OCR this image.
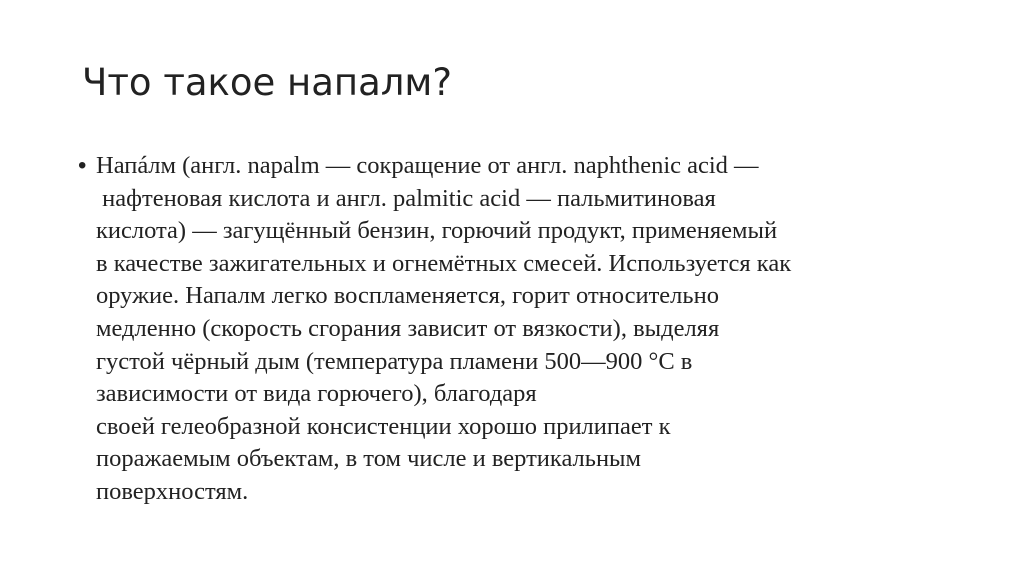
Что такое напалм?
• Напáлм (англ. napalm — сокращение от англ. naphthenic acid —
нафтеновая кислота и англ. palmitic acid — пальмитиновая
кислота) — загущённый бензин, горючий продукт, применяемый
в качестве зажигательных и огнемётных смесей. Используется как
оружие. Напалм легко воспламеняется, горит относительно
медленно (скорость сгорания зависит от вязкости), выделяя
густой чёрный дым (температура пламени 500—900 °С в
зависимости от вида горючего), благодаря
своей гелеобразной консистенции хорошо прилипает к
поражаемым объектам, в том числе и вертикальным
поверхностям.
